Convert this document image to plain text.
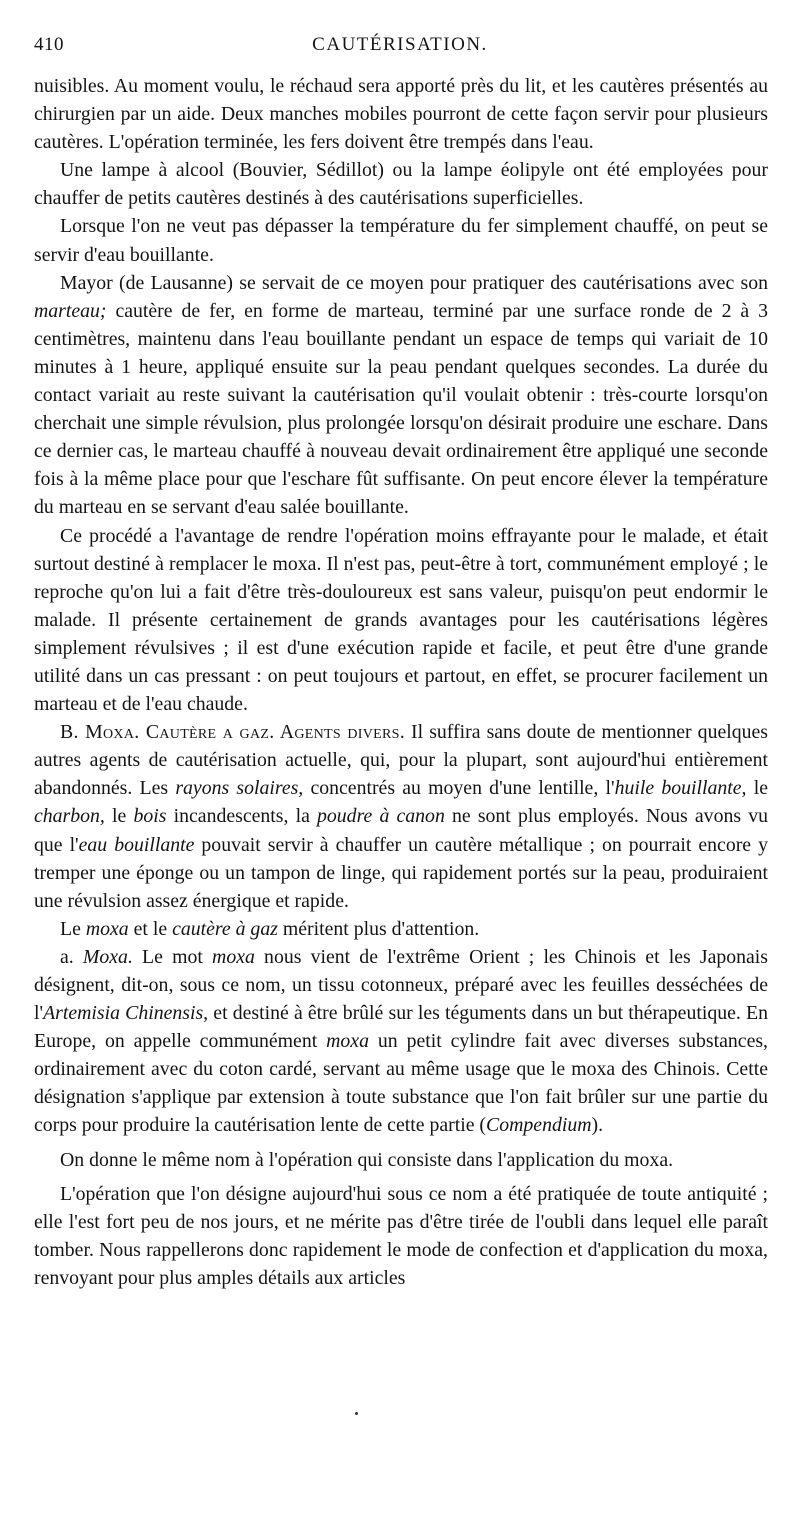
410	CAUTÉRISATION.

nuisibles. Au moment voulu, le réchaud sera apporté près du lit, et les cautères présentés au chirurgien par un aide. Deux manches mobiles pourront de cette façon servir pour plusieurs cautères. L'opération terminée, les fers doivent être trempés dans l'eau.

Une lampe à alcool (Bouvier, Sédillot) ou la lampe éolipyle ont été employées pour chauffer de petits cautères destinés à des cautérisations superficielles.

Lorsque l'on ne veut pas dépasser la température du fer simplement chauffé, on peut se servir d'eau bouillante.

Mayor (de Lausanne) se servait de ce moyen pour pratiquer des cautérisations avec son marteau; cautère de fer, en forme de marteau, terminé par une surface ronde de 2 à 3 centimètres, maintenu dans l'eau bouillante pendant un espace de temps qui variait de 10 minutes à 1 heure, appliqué ensuite sur la peau pendant quelques secondes. La durée du contact variait au reste suivant la cautérisation qu'il voulait obtenir : très-courte lorsqu'on cherchait une simple révulsion, plus prolongée lorsqu'on désirait produire une eschare. Dans ce dernier cas, le marteau chauffé à nouveau devait ordinairement être appliqué une seconde fois à la même place pour que l'eschare fût suffisante. On peut encore élever la température du marteau en se servant d'eau salée bouillante.

Ce procédé a l'avantage de rendre l'opération moins effrayante pour le malade, et était surtout destiné à remplacer le moxa. Il n'est pas, peut-être à tort, communément employé ; le reproche qu'on lui a fait d'être très-douloureux est sans valeur, puisqu'on peut endormir le malade. Il présente certainement de grands avantages pour les cautérisations légères simplement révulsives ; il est d'une exécution rapide et facile, et peut être d'une grande utilité dans un cas pressant : on peut toujours et partout, en effet, se procurer facilement un marteau et de l'eau chaude.

B. Moxa. Cautère a gaz. Agents divers. Il suffira sans doute de mentionner quelques autres agents de cautérisation actuelle, qui, pour la plupart, sont aujourd'hui entièrement abandonnés. Les rayons solaires, concentrés au moyen d'une lentille, l'huile bouillante, le charbon, le bois incandescents, la poudre à canon ne sont plus employés. Nous avons vu que l'eau bouillante pouvait servir à chauffer un cautère métallique ; on pourrait encore y tremper une éponge ou un tampon de linge, qui rapidement portés sur la peau, produiraient une révulsion assez énergique et rapide.

Le moxa et le cautère à gaz méritent plus d'attention.

a. Moxa. Le mot moxa nous vient de l'extrême Orient ; les Chinois et les Japonais désignent, dit-on, sous ce nom, un tissu cotonneux, préparé avec les feuilles desséchées de l'Artemisia Chinensis, et destiné à être brûlé sur les téguments dans un but thérapeutique. En Europe, on appelle communément moxa un petit cylindre fait avec diverses substances, ordinairement avec du coton cardé, servant au même usage que le moxa des Chinois. Cette désignation s'applique par extension à toute substance que l'on fait brûler sur une partie du corps pour produire la cautérisation lente de cette partie (Compendium).

On donne le même nom à l'opération qui consiste dans l'application du moxa.

L'opération que l'on désigne aujourd'hui sous ce nom a été pratiquée de toute antiquité ; elle l'est fort peu de nos jours, et ne mérite pas d'être tirée de l'oubli dans lequel elle paraît tomber. Nous rappellerons donc rapidement le mode de confection et d'application du moxa, renvoyant pour plus amples détails aux articles
